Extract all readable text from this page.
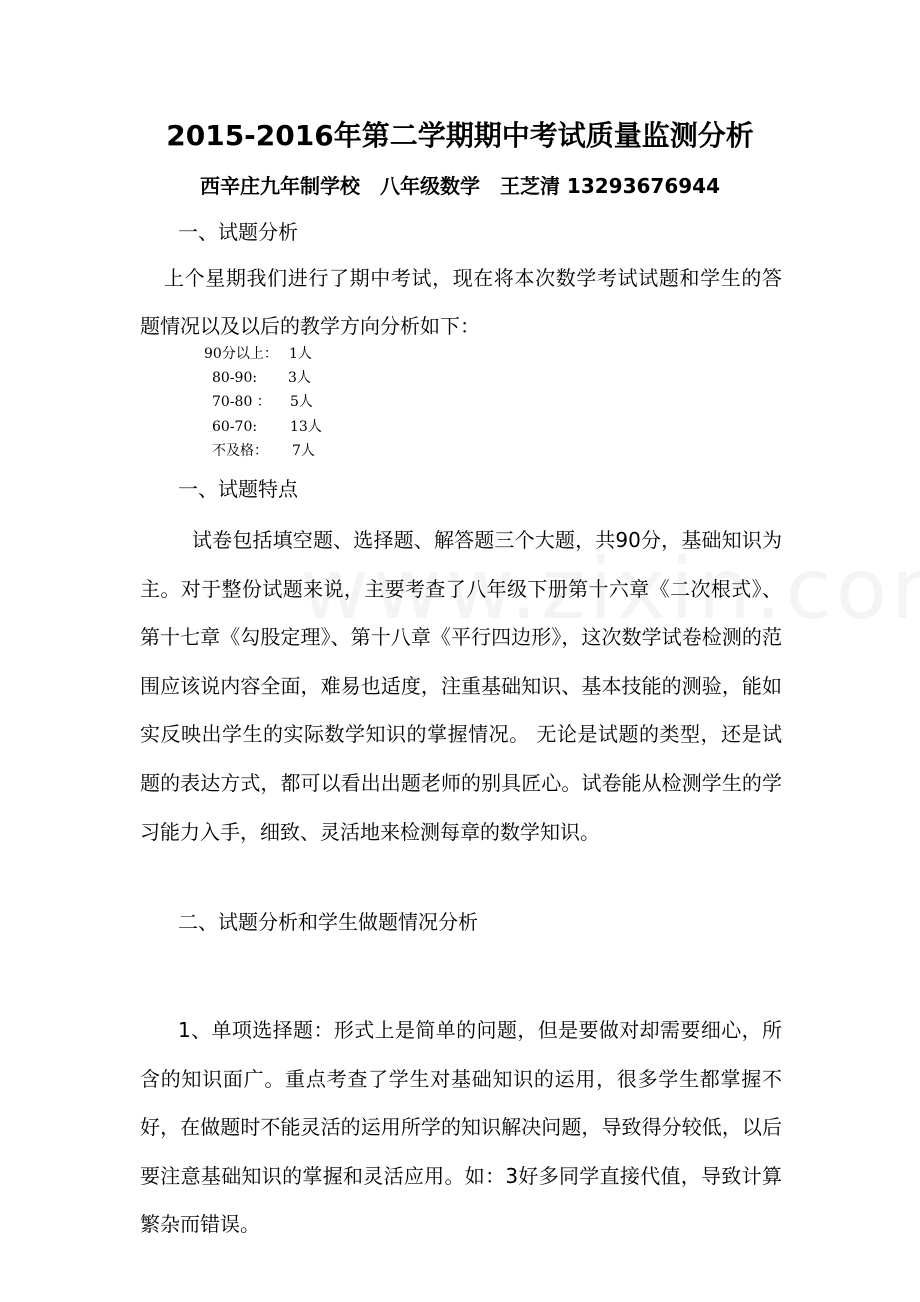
2015-2016年第二学期期中考试质量监测分析
西辛庄九年制学校　八年级数学　王芝清 13293676944
一、试题分析

上个星期我们进行了期中考试，现在将本次数学考试试题和学生的答题情况以及以后的教学方向分析如下：

90分以上： 1人
80-90: 3人
70-80 ： 5人
60-70: 13人
不及格： 7人
一、试题特点

试卷包括填空题、选择题、解答题三个大题，共90分，基础知识为主。对于整份试题来说，主要考查了八年级下册第十六章《二次根式》、第十七章《勾股定理》、第十八章《平行四边形》，这次数学试卷检测的范围应该说内容全面，难易也适度，注重基础知识、基本技能的测验，能如实反映出学生的实际数学知识的掌握情况。 无论是试题的类型，还是试题的表达方式，都可以看出出题老师的别具匠心。试卷能从检测学生的学习能力入手，细致、灵活地来检测每章的数学知识。

二、试题分析和学生做题情况分析

1、单项选择题：形式上是简单的问题，但是要做对却需要细心，所含的知识面广。重点考查了学生对基础知识的运用，很多学生都掌握不好，在做题时不能灵活的运用所学的知识解决问题，导致得分较低，以后要注意基础知识的掌握和灵活应用。如：3好多同学直接代值，导致计算繁杂而错误。
